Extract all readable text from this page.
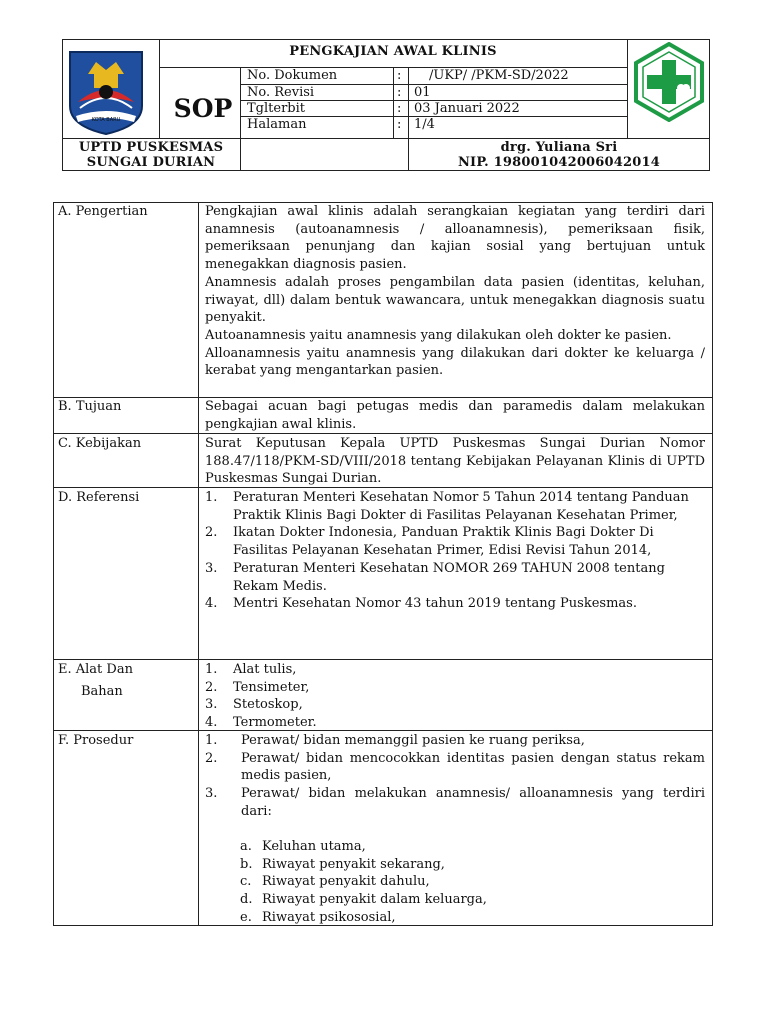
KOTA BARU
PENGKAJIAN AWAL KLINIS
SOP
No. Dokumen	: /UKP/ /PKM-SD/2022
No. Revisi	: 01
Tglterbit	: 03 Januari 2022
Halaman	: 1/4
UPTD PUSKESMAS
SUNGAI DURIAN
drg. Yuliana Sri
NIP. 198001042006042014
A. Pengertian	Pengkajian awal klinis adalah serangkaian kegiatan yang terdiri dari anamnesis (autoanamnesis / alloanamnesis), pemeriksaan fisik, pemeriksaan penunjang dan kajian sosial yang bertujuan untuk menegakkan diagnosis pasien.

Anamnesis adalah proses pengambilan data pasien (identitas, keluhan, riwayat, dll) dalam bentuk wawancara, untuk menegakkan diagnosis suatu penyakit.

Autoanamnesis yaitu anamnesis yang dilakukan oleh dokter ke pasien.

Alloanamnesis yaitu anamnesis yang dilakukan dari dokter ke keluarga / kerabat yang mengantarkan pasien.

B. Tujuan	Sebagai acuan bagi petugas medis dan paramedis dalam melakukan pengkajian awal klinis.
C. Kebijakan	Surat Keputusan Kepala UPTD Puskesmas Sungai Durian Nomor 188.47/118/PKM-SD/VIII/2018 tentang Kebijakan Pelayanan Klinis di UPTD Puskesmas Sungai Durian.
D. Referensi	1.	Peraturan Menteri Kesehatan Nomor 5 Tahun 2014 tentang Panduan Praktik Klinis Bagi Dokter di Fasilitas Pelayanan Kesehatan Primer,
2.	Ikatan Dokter Indonesia, Panduan Praktik Klinis Bagi Dokter Di Fasilitas Pelayanan Kesehatan Primer, Edisi Revisi Tahun 2014,
3.	Peraturan Menteri Kesehatan NOMOR 269 TAHUN 2008 tentang Rekam Medis.
4.	Mentri Kesehatan Nomor 43 tahun 2019 tentang Puskesmas.
E. Alat Dan
Bahan
1.	Alat tulis,
2.	Tensimeter,
3.	Stetoskop,
4.	Termometer.
F. Prosedur	1.	Perawat/ bidan memanggil pasien ke ruang periksa,
2.	Perawat/ bidan mencocokkan identitas pasien dengan status rekam medis pasien,
3.	Perawat/ bidan melakukan anamnesis/ alloanamnesis yang terdiri dari:
a. Keluhan utama,
b. Riwayat penyakit sekarang,
c. Riwayat penyakit dahulu,
d. Riwayat penyakit dalam keluarga,
e. Riwayat psikososial,
